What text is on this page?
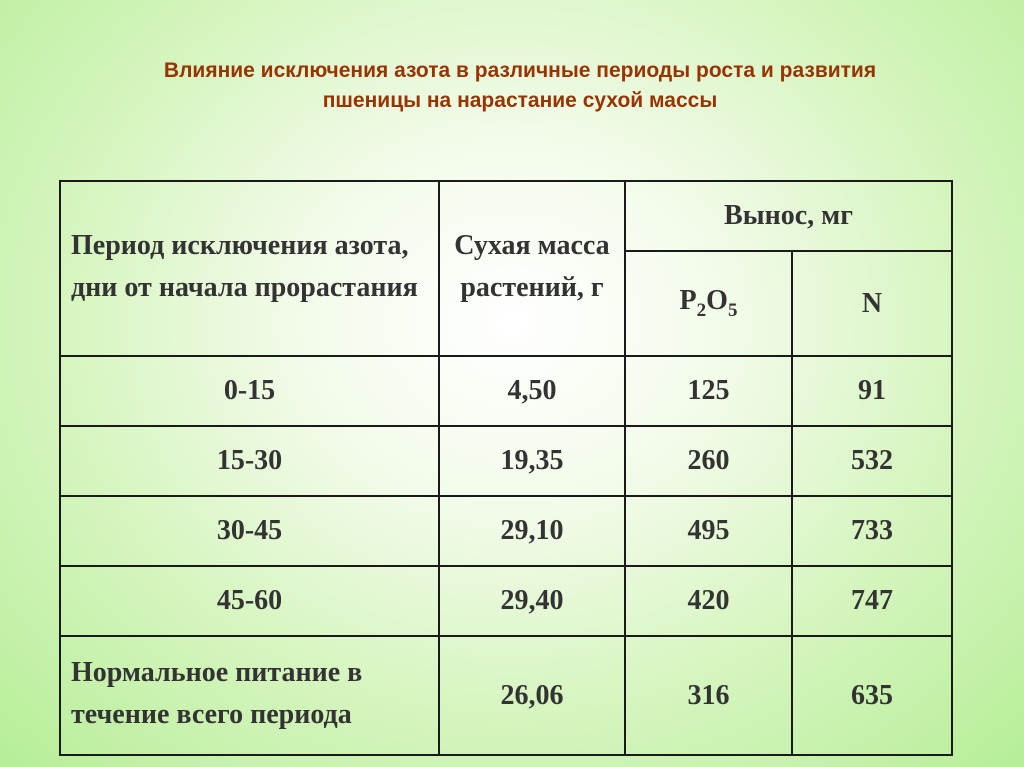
Влияние исключения азота в различные периоды роста и развития
пшеницы на нарастание сухой массы
Период исключения азота, дни от начала прорастания	Сухая масса растений, г	Вынос, мг	
		$P_2O_5$	N
0-15	4,50	125	91
15-30	19,35	260	532
30-45	29,10	495	733
45-60	29,40	420	747
Нормальное питание в течение всего периода	26,06	316	635
